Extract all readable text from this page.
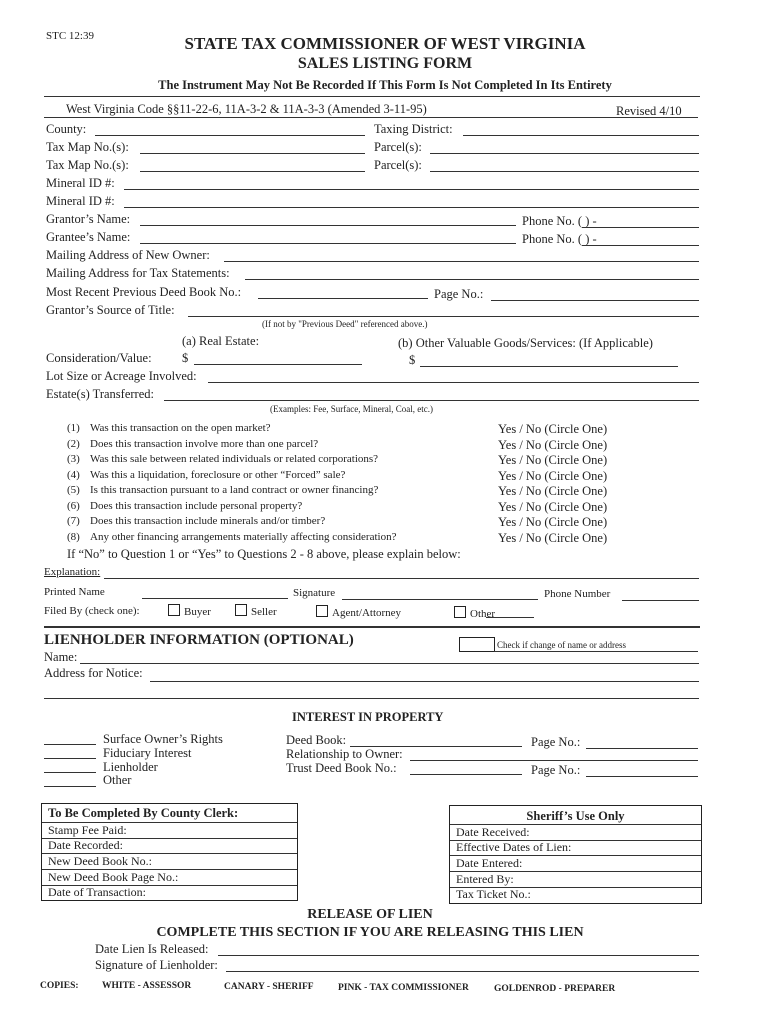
STC 12:39	STATE TAX COMMISSIONER OF WEST VIRGINIA
SALES LISTING FORM
The Instrument May Not Be Recorded If This Form Is Not Completed In Its Entirety
West Virginia Code §§11-22-6, 11A-3-2 & 11A-3-3 (Amended 3-11-95)	Revised 4/10
County:	Taxing District:
Tax Map No.(s):	Parcel(s):
Tax Map No.(s):	Parcel(s):
Mineral ID #:
Mineral ID #:
Grantor’s Name:	Phone No. ( ) -
Grantee’s Name:	Phone No. ( ) -
Mailing Address of New Owner:
Mailing Address for Tax Statements:
Most Recent Previous Deed Book No.:	Page No.:
Grantor’s Source of Title:
(If not by "Previous Deed" referenced above.)
(a) Real Estate:	(b) Other Valuable Goods/Services: (If Applicable)
Consideration/Value: $	$
Lot Size or Acreage Involved:
Estate(s) Transferred:
(Examples: Fee, Surface, Mineral, Coal, etc.)
(1) Was this transaction on the open market?	Yes / No (Circle One)
(2) Does this transaction involve more than one parcel?	Yes / No (Circle One)
(3) Was this sale between related individuals or related corporations?	Yes / No (Circle One)
(4) Was this a liquidation, foreclosure or other “Forced” sale?	Yes / No (Circle One)
(5) Is this transaction pursuant to a land contract or owner financing?	Yes / No (Circle One)
(6) Does this transaction include personal property?	Yes / No (Circle One)
(7) Does this transaction include minerals and/or timber?	Yes / No (Circle One)
(8) Any other financing arrangements materially affecting consideration?	Yes / No (Circle One)
If “No” to Question 1 or “Yes” to Questions 2 - 8 above, please explain below:
Explanation:
Printed Name	Signature	Phone Number
Filed By (check one):	Buyer	Seller	Agent/Attorney	Other
LIENHOLDER INFORMATION (OPTIONAL)	Check if change of name or address
Name:
Address for Notice:
INTEREST IN PROPERTY
Surface Owner’s Rights
Fiduciary Interest
Lienholder
Other
Deed Book:	Page No.:
Relationship to Owner:
Trust Deed Book No.:	Page No.:
To Be Completed By County Clerk:
Stamp Fee Paid:
Date Recorded:
New Deed Book No.:
New Deed Book Page No.:
Date of Transaction:
Sheriff’s Use Only
Date Received:
Effective Dates of Lien:
Date Entered:
Entered By:
Tax Ticket No.:
RELEASE OF LIEN
COMPLETE THIS SECTION IF YOU ARE RELEASING THIS LIEN
Date Lien Is Released:
Signature of Lienholder:
COPIES: WHITE - ASSESSOR	CANARY - SHERIFF	PINK - TAX COMMISSIONER	GOLDENROD - PREPARER
